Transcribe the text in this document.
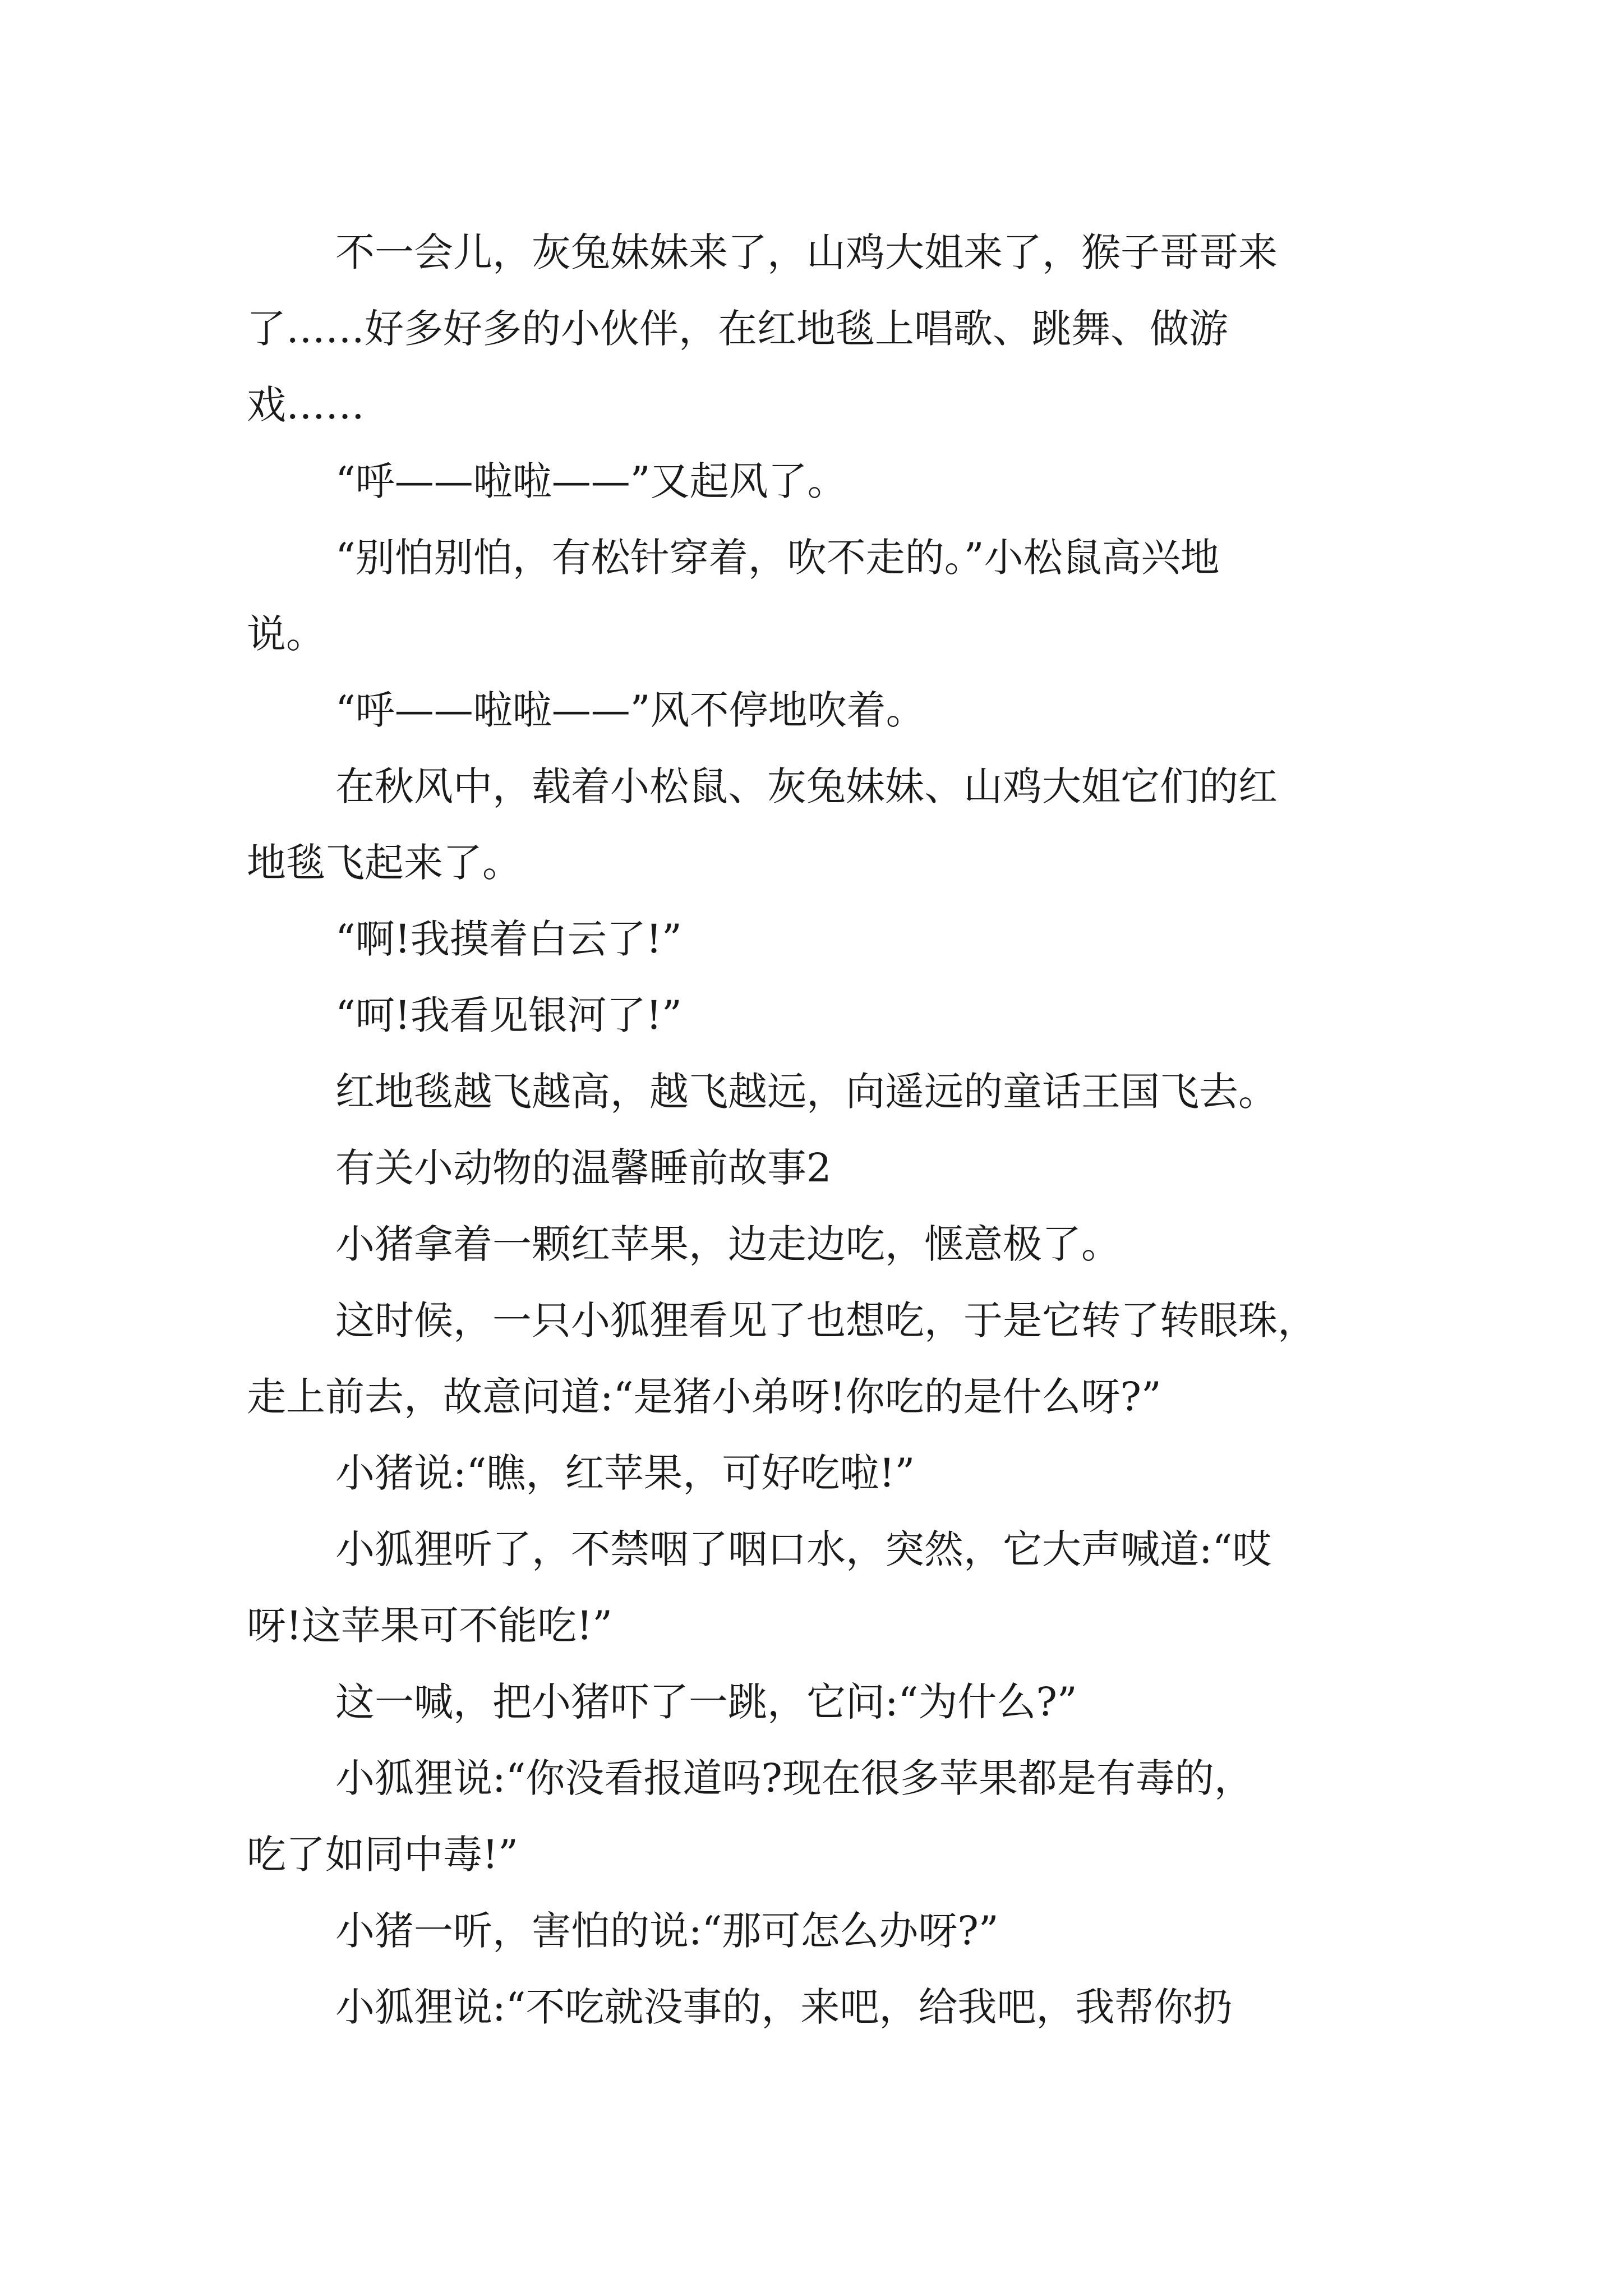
不一会儿，灰兔妹妹来了，山鸡大姐来了，猴子哥哥来
了……好多好多的小伙伴，在红地毯上唱歌、跳舞、做游
戏……
“呼——啦啦——”又起风了。
“别怕别怕，有松针穿着，吹不走的。”小松鼠高兴地
说。
“呼——啦啦——”风不停地吹着。
在秋风中，载着小松鼠、灰兔妹妹、山鸡大姐它们的红
地毯飞起来了。
“啊!我摸着白云了!”
“呵!我看见银河了!”
红地毯越飞越高，越飞越远，向遥远的童话王国飞去。
有关小动物的温馨睡前故事2
小猪拿着一颗红苹果，边走边吃，惬意极了。
这时候，一只小狐狸看见了也想吃，于是它转了转眼珠，
走上前去，故意问道:“是猪小弟呀!你吃的是什么呀?”
小猪说:“瞧，红苹果，可好吃啦!”
小狐狸听了，不禁咽了咽口水，突然，它大声喊道:“哎
呀!这苹果可不能吃!”
这一喊，把小猪吓了一跳，它问:“为什么?”
小狐狸说:“你没看报道吗?现在很多苹果都是有毒的，
吃了如同中毒!”
小猪一听，害怕的说:“那可怎么办呀?”
小狐狸说:“不吃就没事的，来吧，给我吧，我帮你扔
